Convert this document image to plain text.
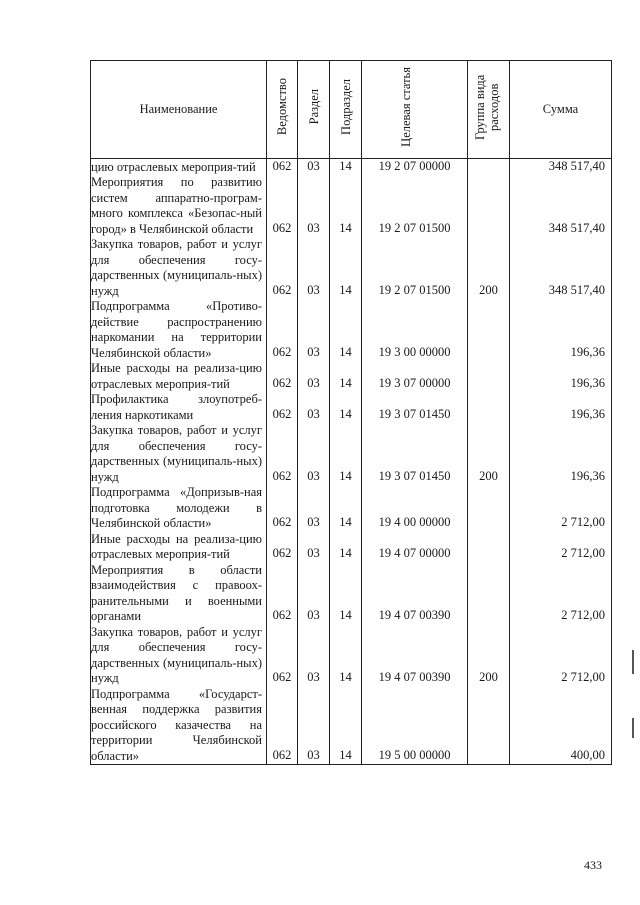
Наименование	Ведомство	Раздел	Подраздел	Целевая статья	Группа вида расходов	Сумма
цию отраслевых мероприя-тий	062	03	14	19 2 07 00000		348 517,40
Мероприятия по развитию систем аппаратно-програм-много комплекса «Безопас-ный город» в Челябинской области	062	03	14	19 2 07 01500		348 517,40
Закупка товаров, работ и услуг для обеспечения госу-дарственных (муниципаль-ных) нужд	062	03	14	19 2 07 01500	200	348 517,40
Подпрограмма «Противо-действие распространению наркомании на территории Челябинской области»	062	03	14	19 3 00 00000		196,36
Иные расходы на реализа-цию отраслевых мероприя-тий	062	03	14	19 3 07 00000		196,36
Профилактика злоупотреб-ления наркотиками	062	03	14	19 3 07 01450		196,36
Закупка товаров, работ и услуг для обеспечения госу-дарственных (муниципаль-ных) нужд	062	03	14	19 3 07 01450	200	196,36
Подпрограмма «Допризыв-ная подготовка молодежи в Челябинской области»	062	03	14	19 4 00 00000		2 712,00
Иные расходы на реализа-цию отраслевых мероприя-тий	062	03	14	19 4 07 00000		2 712,00
Мероприятия в области взаимодействия с правоох-ранительными и военными органами	062	03	14	19 4 07 00390		2 712,00
Закупка товаров, работ и услуг для обеспечения госу-дарственных (муниципаль-ных) нужд	062	03	14	19 4 07 00390	200	2 712,00
Подпрограмма «Государст-венная поддержка развития российского казачества на территории Челябинской области»	062	03	14	19 5 00 00000		400,00
433
